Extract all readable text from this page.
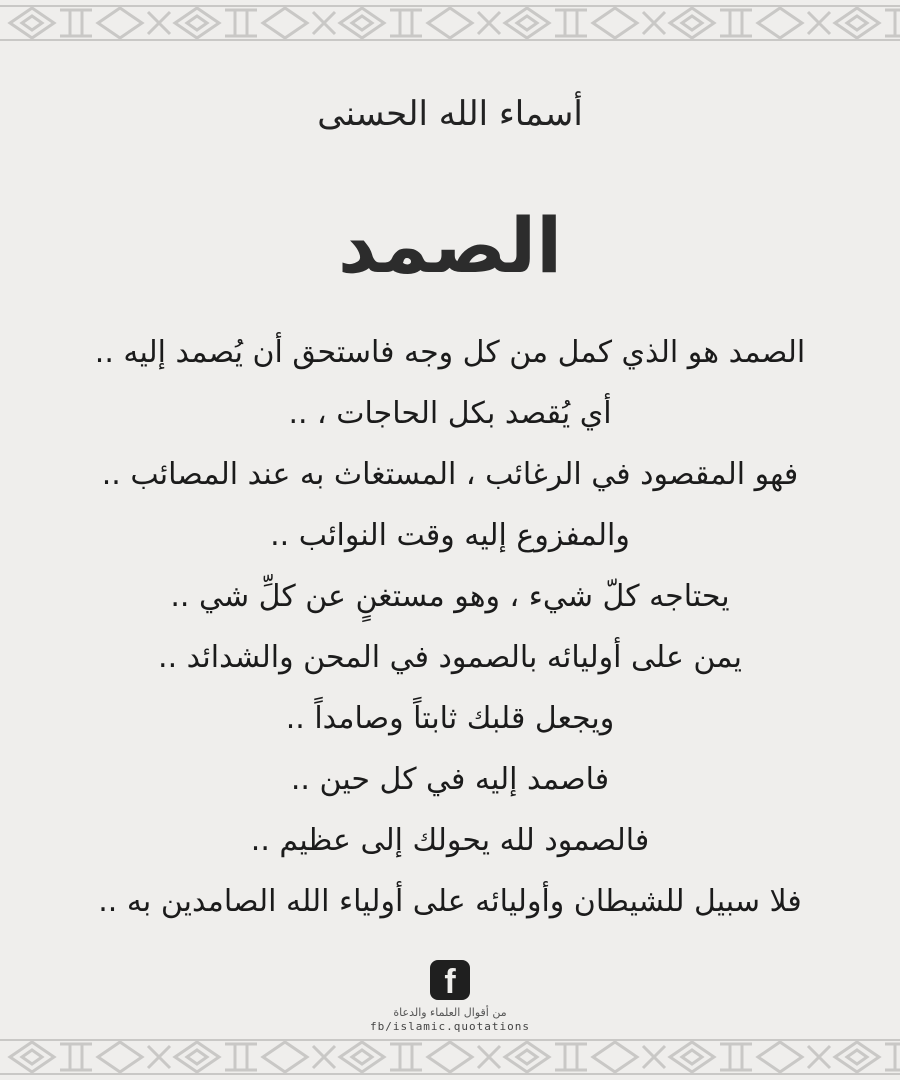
أسماء الله الحسنى
الصمد
الصمد هو الذي كمل من كل وجه فاستحق أن يُصمد إليه ..
أي يُقصد بكل الحاجات ، ..
فهو المقصود في الرغائب ، المستغاث به عند المصائب ..
والمفزوع إليه وقت النوائب ..
يحتاجه كلّ شيء ، وهو مستغنٍ عن كلِّ شي ..
يمن على أوليائه بالصمود في المحن والشدائد ..
ويجعل قلبك ثابتاً وصامداً ..
فاصمد إليه في كل حين ..
فالصمود لله يحولك إلى عظيم ..
فلا سبيل للشيطان وأوليائه على أولياء الله الصامدين به ..
f
من أقوال العلماء والدعاة
fb/islamic.quotations
